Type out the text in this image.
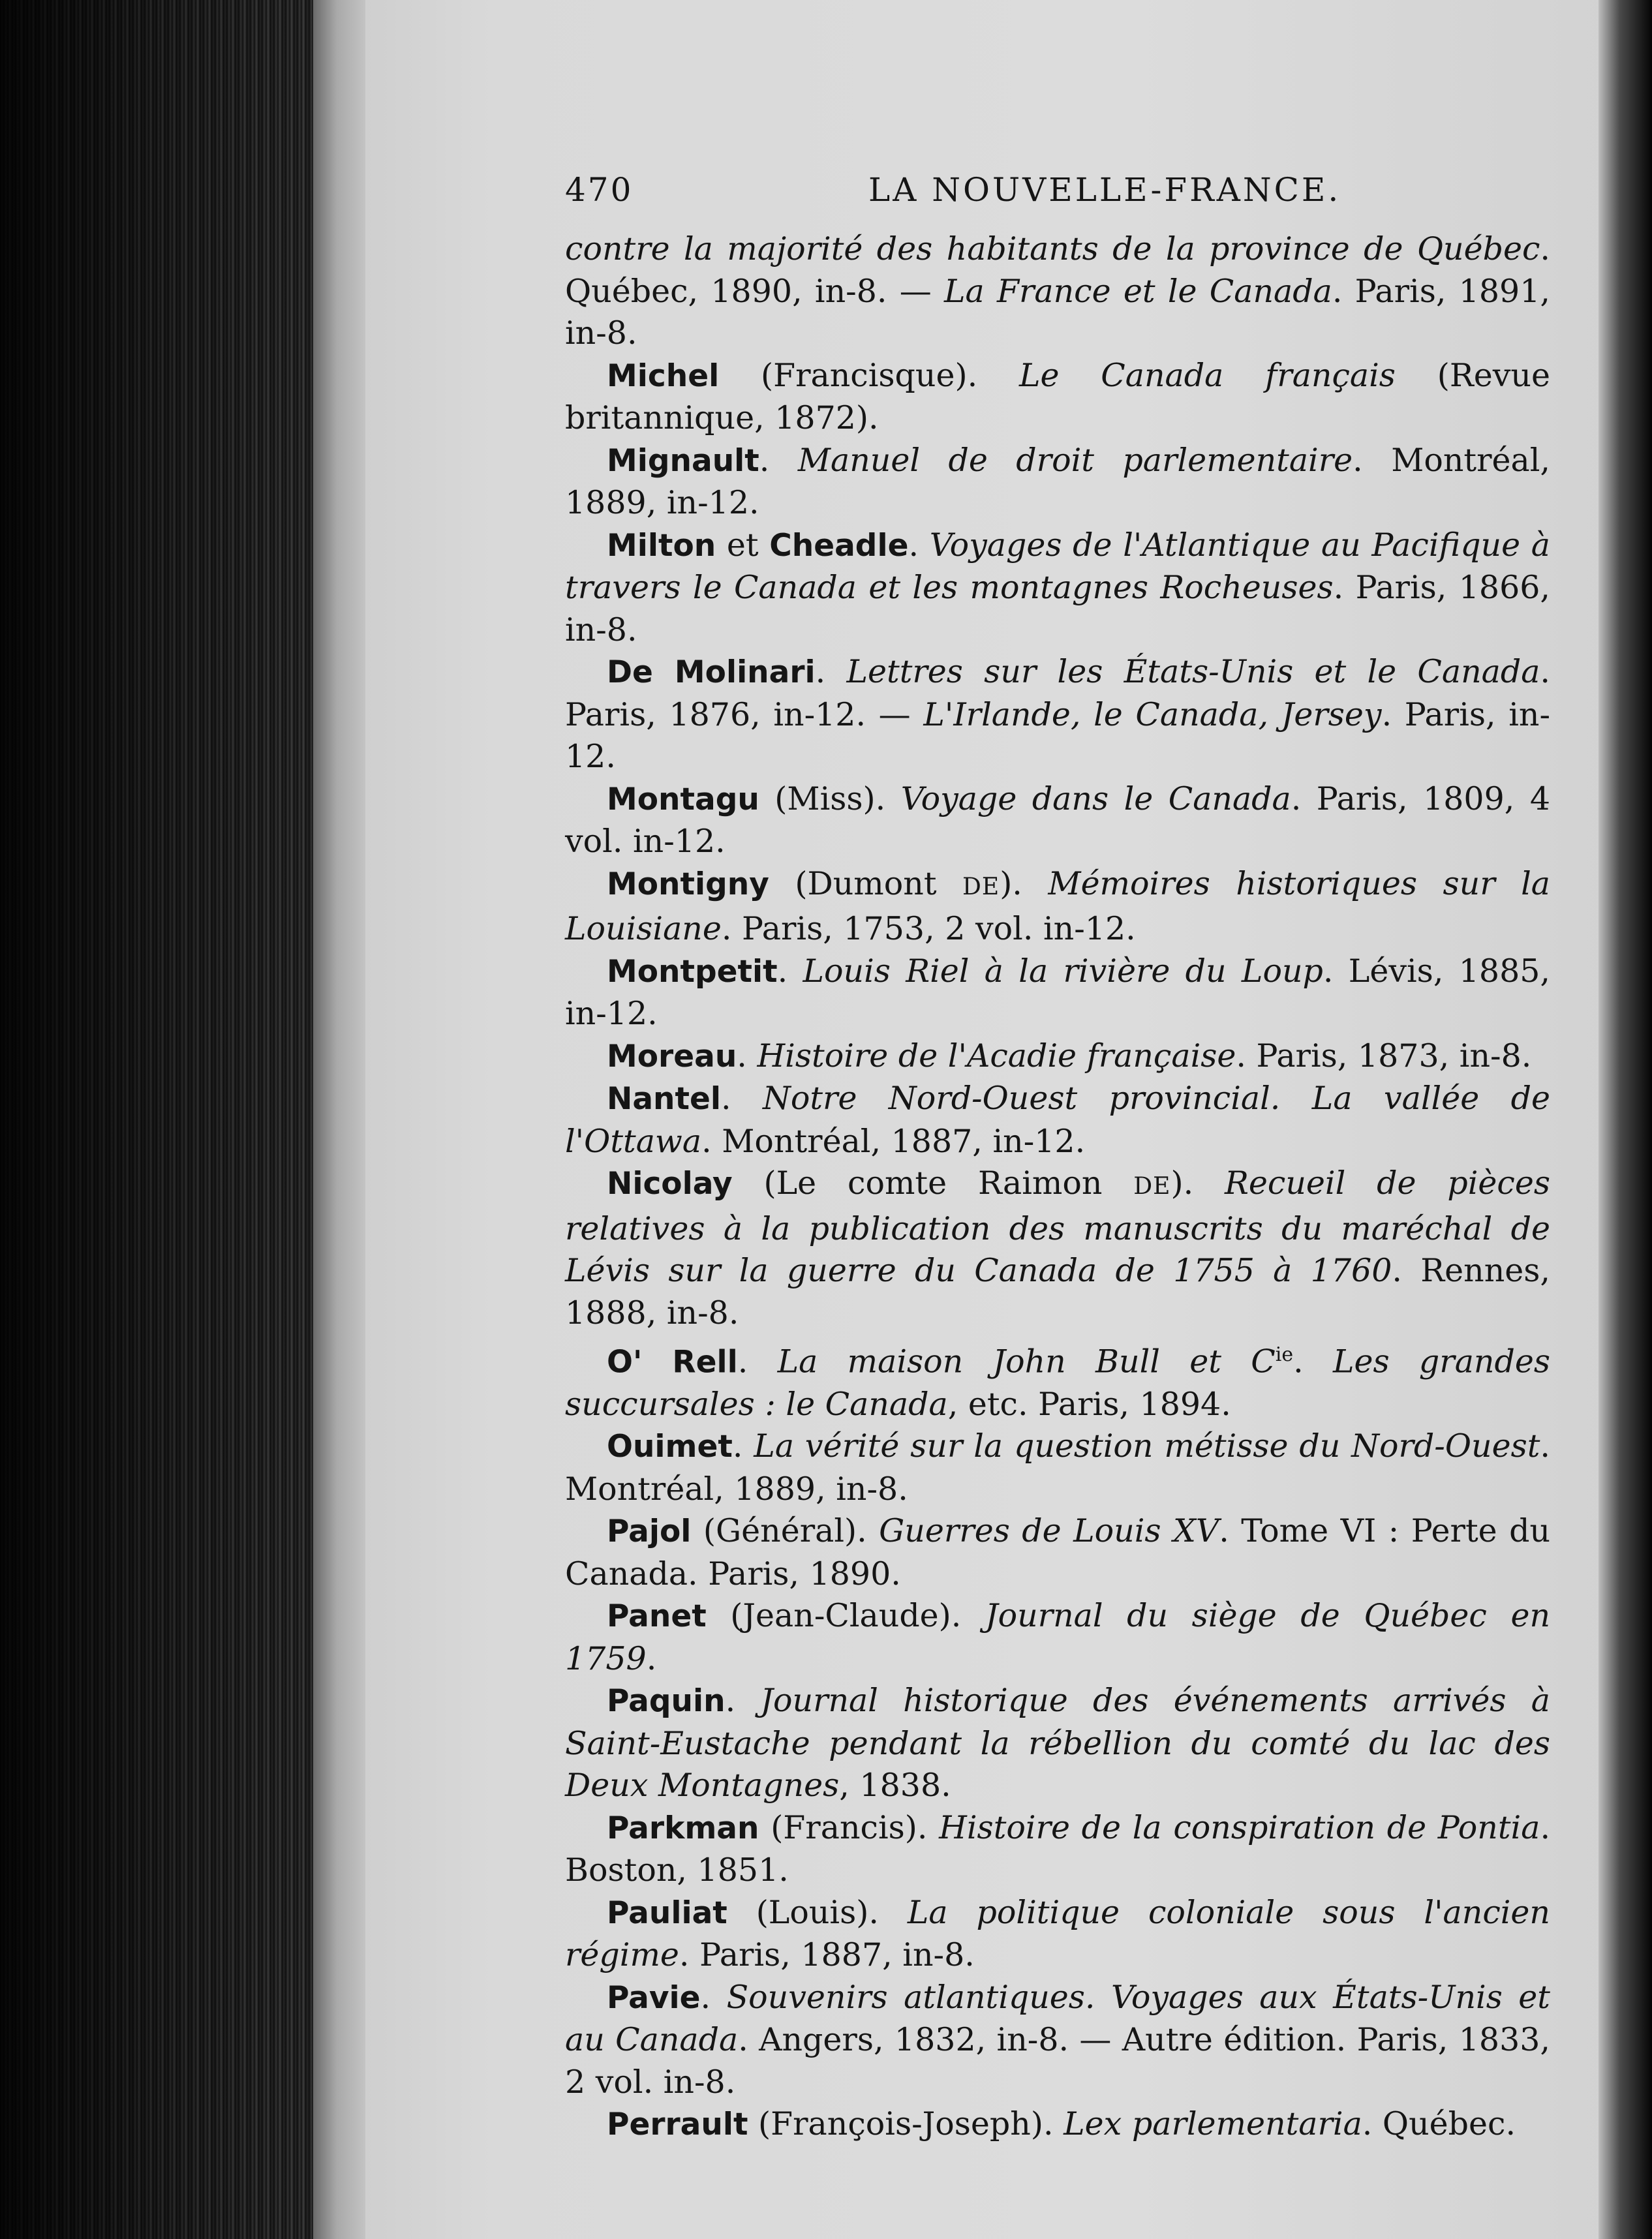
470	LA NOUVELLE-FRANCE.

contre la majorité des habitants de la province de Québec. Québec, 1890, in-8. — La France et le Canada. Paris, 1891, in-8.

Michel (Francisque). Le Canada français (Revue britannique, 1872).

Mignault. Manuel de droit parlementaire. Montréal, 1889, in-12.

Milton et Cheadle. Voyages de l'Atlantique au Pacifique à travers le Canada et les montagnes Rocheuses. Paris, 1866, in-8.

De Molinari. Lettres sur les États-Unis et le Canada. Paris, 1876, in-12. — L'Irlande, le Canada, Jersey. Paris, in-12.

Montagu (Miss). Voyage dans le Canada. Paris, 1809, 4 vol. in-12.

Montigny (Dumont DE). Mémoires historiques sur la Louisiane. Paris, 1753, 2 vol. in-12.

Montpetit. Louis Riel à la rivière du Loup. Lévis, 1885, in-12.

Moreau. Histoire de l'Acadie française. Paris, 1873, in-8.

Nantel. Notre Nord-Ouest provincial. La vallée de l'Ottawa. Montréal, 1887, in-12.

Nicolay (Le comte Raimon DE). Recueil de pièces relatives à la publication des manuscrits du maréchal de Lévis sur la guerre du Canada de 1755 à 1760. Rennes, 1888, in-8.

O' Rell. La maison John Bull et $C^{ie}$. Les grandes succursales : le Canada, etc. Paris, 1894.

Ouimet. La vérité sur la question métisse du Nord-Ouest. Montréal, 1889, in-8.

Pajol (Général). Guerres de Louis XV. Tome VI : Perte du Canada. Paris, 1890.

Panet (Jean-Claude). Journal du siège de Québec en 1759.

Paquin. Journal historique des événements arrivés à Saint-Eustache pendant la rébellion du comté du lac des Deux Montagnes, 1838.

Parkman (Francis). Histoire de la conspiration de Pontia. Boston, 1851.

Pauliat (Louis). La politique coloniale sous l'ancien régime. Paris, 1887, in-8.

Pavie. Souvenirs atlantiques. Voyages aux États-Unis et au Canada. Angers, 1832, in-8. — Autre édition. Paris, 1833, 2 vol. in-8.

Perrault (François-Joseph). Lex parlementaria. Québec.
